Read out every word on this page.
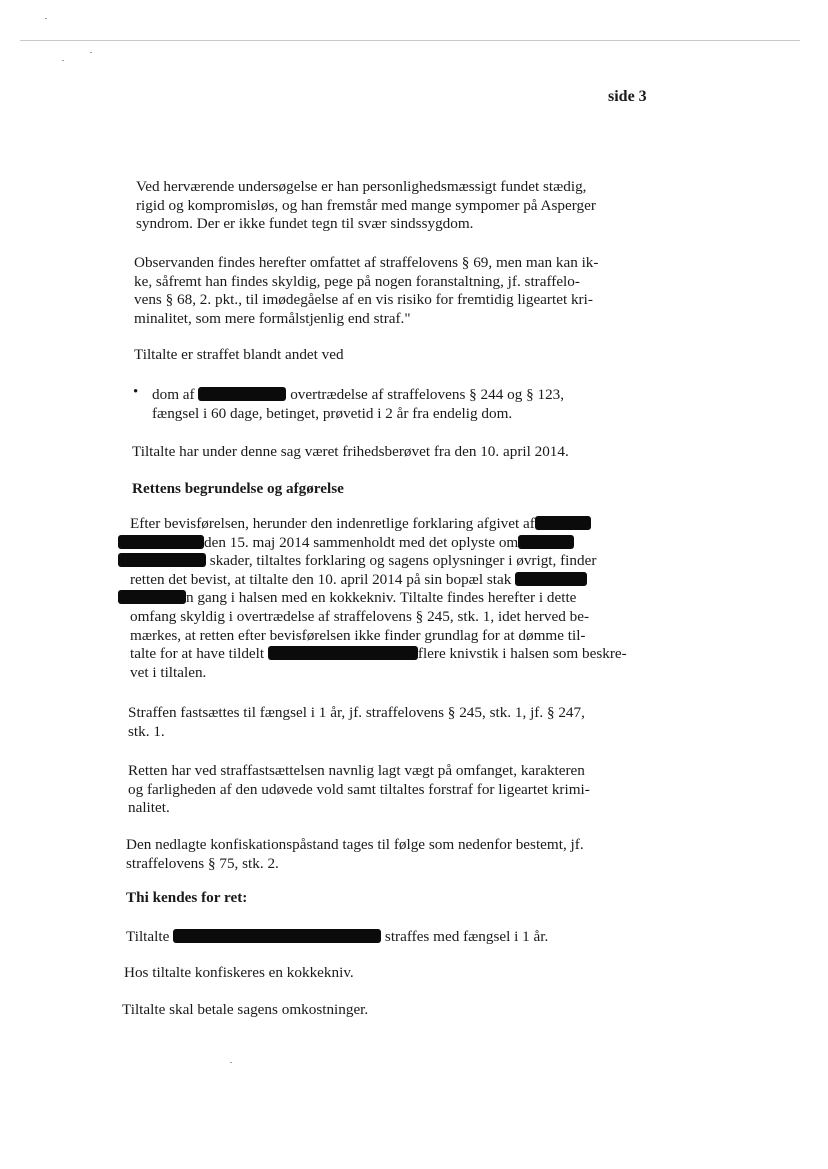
side 3
Ved herværende undersøgelse er han personlighedsmæssigt fundet stædig,
rigid og kompromisløs, og han fremstår med mange sympomer på Asperger
syndrom. Der er ikke fundet tegn til svær sindssygdom.
Observanden findes herefter omfattet af straffelovens § 69, men man kan ik-
ke, såfremt han findes skyldig, pege på nogen foranstaltning, jf. straffelo-
vens § 68, 2. pkt., til imødegåelse af en vis risiko for fremtidig ligeartet kri-
minalitet, som mere formålstjenlig end straf."
Tiltalte er straffet blandt andet ved
• dom af	overtrædelse af straffelovens § 244 og § 123,
fængsel i 60 dage, betinget, prøvetid i 2 år fra endelig dom.
Tiltalte har under denne sag været frihedsberøvet fra den 10. april 2014.
Rettens begrundelse og afgørelse
Efter bevisførelsen, herunder den indenretlige forklaring afgivet af
den 15. maj 2014 sammenholdt med det oplyste om
skader, tiltaltes forklaring og sagens oplysninger i øvrigt, finder
retten det bevist, at tiltalte den 10. april 2014 på sin bopæl stak
n gang i halsen med en kokkekniv. Tiltalte findes herefter i dette
omfang skyldig i overtrædelse af straffelovens § 245, stk. 1, idet herved be-
mærkes, at retten efter bevisførelsen ikke finder grundlag for at dømme til-
talte for at have tildelt	flere knivstik i halsen som beskre-
vet i tiltalen.
Straffen fastsættes til fængsel i 1 år, jf. straffelovens § 245, stk. 1, jf. § 247,
stk. 1.
Retten har ved straffastsættelsen navnlig lagt vægt på omfanget, karakteren
og farligheden af den udøvede vold samt tiltaltes forstraf for ligeartet krimi-
nalitet.
Den nedlagte konfiskationspåstand tages til følge som nedenfor bestemt, jf.
straffelovens § 75, stk. 2.
Thi kendes for ret:
Tiltalte	straffes med fængsel i 1 år.
Hos tiltalte konfiskeres en kokkekniv.
Tiltalte skal betale sagens omkostninger.
